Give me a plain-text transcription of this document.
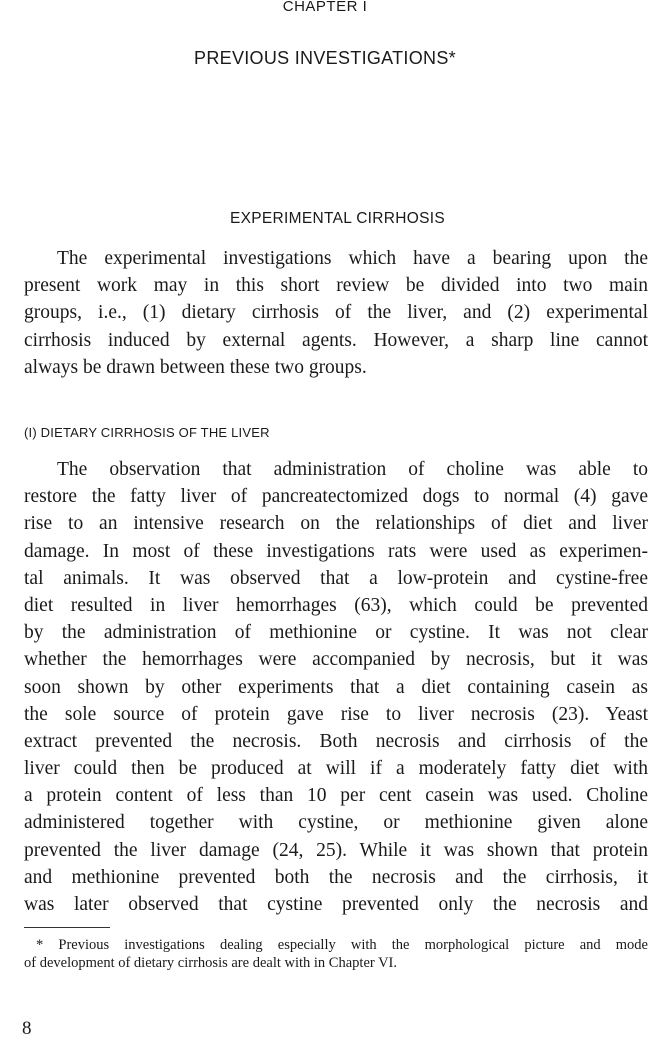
CHAPTER I
PREVIOUS INVESTIGATIONS*
EXPERIMENTAL CIRRHOSIS

The experimental investigations which have a bearing upon the
present work may in this short review be divided into two main
groups, i.e., (1) dietary cirrhosis of the liver, and (2) experimental
cirrhosis induced by external agents. However, a sharp line cannot
always be drawn between these two groups.

(I) DIETARY CIRRHOSIS OF THE LIVER

The observation that administration of choline was able to
restore the fatty liver of pancreatectomized dogs to normal (4) gave
rise to an intensive research on the relationships of diet and liver
damage. In most of these investigations rats were used as experimen-
tal animals. It was observed that a low-protein and cystine-free
diet resulted in liver hemorrhages (63), which could be prevented
by the administration of methionine or cystine. It was not clear
whether the hemorrhages were accompanied by necrosis, but it was
soon shown by other experiments that a diet containing casein as
the sole source of protein gave rise to liver necrosis (23). Yeast
extract prevented the necrosis. Both necrosis and cirrhosis of the
liver could then be produced at will if a moderately fatty diet with
a protein content of less than 10 per cent casein was used. Choline
administered together with cystine, or methionine given alone
prevented the liver damage (24, 25). While it was shown that protein
and methionine prevented both the necrosis and the cirrhosis, it
was later observed that cystine prevented only the necrosis and

* Previous investigations dealing especially with the morphological picture and mode
of development of dietary cirrhosis are dealt with in Chapter VI.

8
